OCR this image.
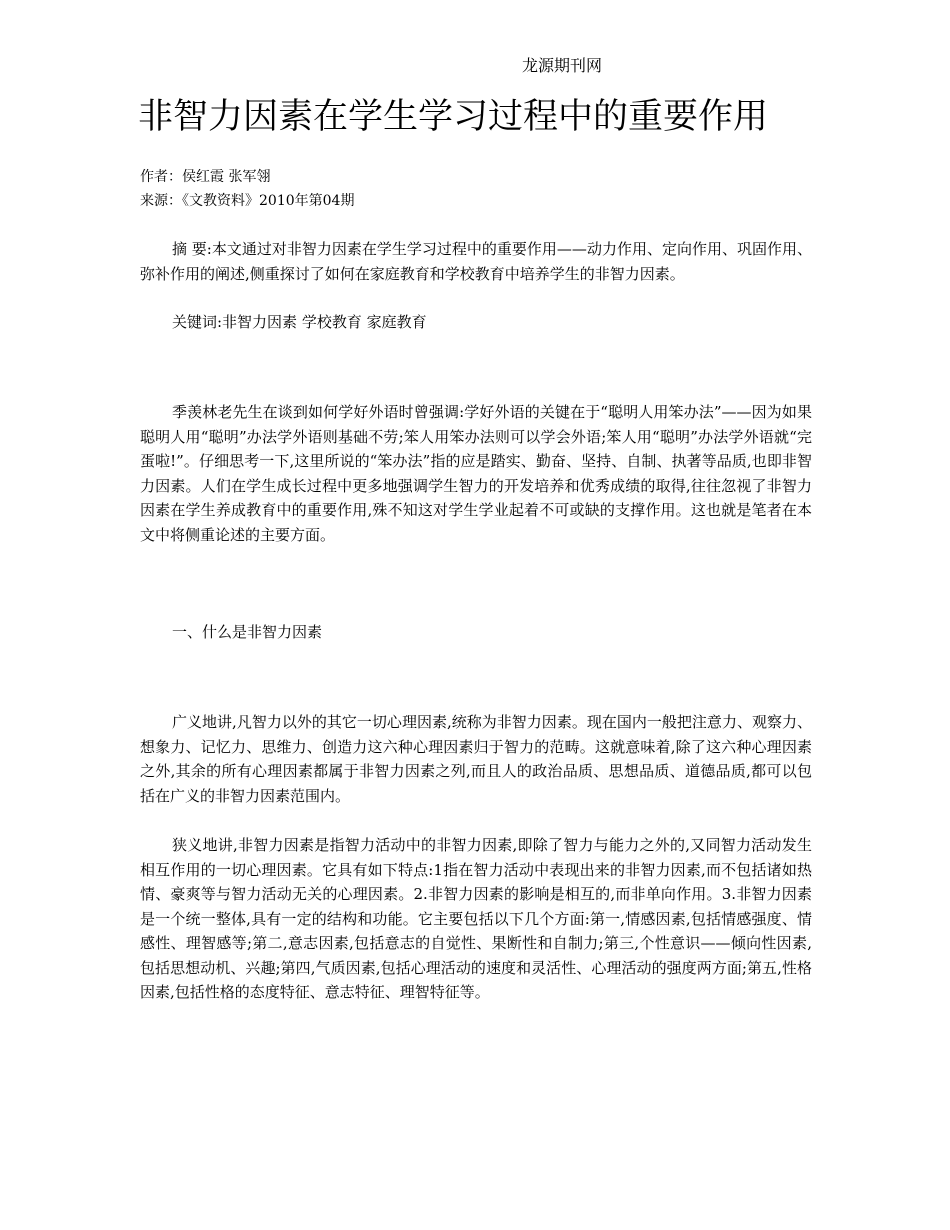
龙源期刊网
非智力因素在学生学习过程中的重要作用
作者：侯红霞 张军翎
来源：《文教资料》2010年第04期

摘 要:本文通过对非智力因素在学生学习过程中的重要作用——动力作用、定向作用、巩固作用、弥补作用的阐述,侧重探讨了如何在家庭教育和学校教育中培养学生的非智力因素。

关键词:非智力因素 学校教育 家庭教育

季羡林老先生在谈到如何学好外语时曾强调:学好外语的关键在于“聪明人用笨办法”——因为如果聪明人用“聪明”办法学外语则基础不劳;笨人用笨办法则可以学会外语;笨人用“聪明”办法学外语就“完蛋啦!”。仔细思考一下,这里所说的“笨办法”指的应是踏实、勤奋、坚持、自制、执著等品质,也即非智力因素。人们在学生成长过程中更多地强调学生智力的开发培养和优秀成绩的取得,往往忽视了非智力因素在学生养成教育中的重要作用,殊不知这对学生学业起着不可或缺的支撑作用。这也就是笔者在本文中将侧重论述的主要方面。

一、什么是非智力因素

广义地讲,凡智力以外的其它一切心理因素,统称为非智力因素。现在国内一般把注意力、观察力、想象力、记忆力、思维力、创造力这六种心理因素归于智力的范畴。这就意味着,除了这六种心理因素之外,其余的所有心理因素都属于非智力因素之列,而且人的政治品质、思想品质、道德品质,都可以包括在广义的非智力因素范围内。

狭义地讲,非智力因素是指智力活动中的非智力因素,即除了智力与能力之外的,又同智力活动发生相互作用的一切心理因素。它具有如下特点:1指在智力活动中表现出来的非智力因素,而不包括诸如热情、豪爽等与智力活动无关的心理因素。2.非智力因素的影响是相互的,而非单向作用。3.非智力因素是一个统一整体,具有一定的结构和功能。它主要包括以下几个方面:第一,情感因素,包括情感强度、情感性、理智感等;第二,意志因素,包括意志的自觉性、果断性和自制力;第三,个性意识——倾向性因素,包括思想动机、兴趣;第四,气质因素,包括心理活动的速度和灵活性、心理活动的强度两方面;第五,性格因素,包括性格的态度特征、意志特征、理智特征等。
